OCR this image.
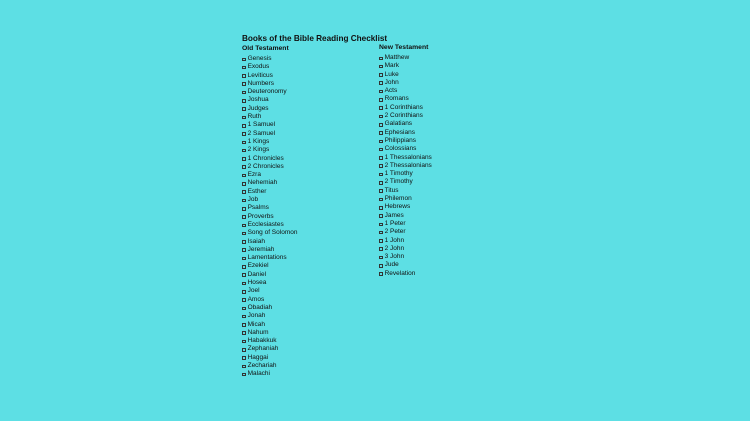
Books of the Bible Reading Checklist
Old Testament
Genesis
Exodus
Leviticus
Numbers
Deuteronomy
Joshua
Judges
Ruth
1 Samuel
2 Samuel
1 Kings
2 Kings
1 Chronicles
2 Chronicles
Ezra
Nehemiah
Esther
Job
Psalms
Proverbs
Ecclesiastes
Song of Solomon
Isaiah
Jeremiah
Lamentations
Ezekiel
Daniel
Hosea
Joel
Amos
Obadiah
Jonah
Micah
Nahum
Habakkuk
Zephaniah
Haggai
Zechariah
Malachi
New Testament
Matthew
Mark
Luke
John
Acts
Romans
1 Corinthians
2 Corinthians
Galatians
Ephesians
Philippians
Colossians
1 Thessalonians
2 Thessalonians
1 Timothy
2 Timothy
Titus
Philemon
Hebrews
James
1 Peter
2 Peter
1 John
2 John
3 John
Jude
Revelation
